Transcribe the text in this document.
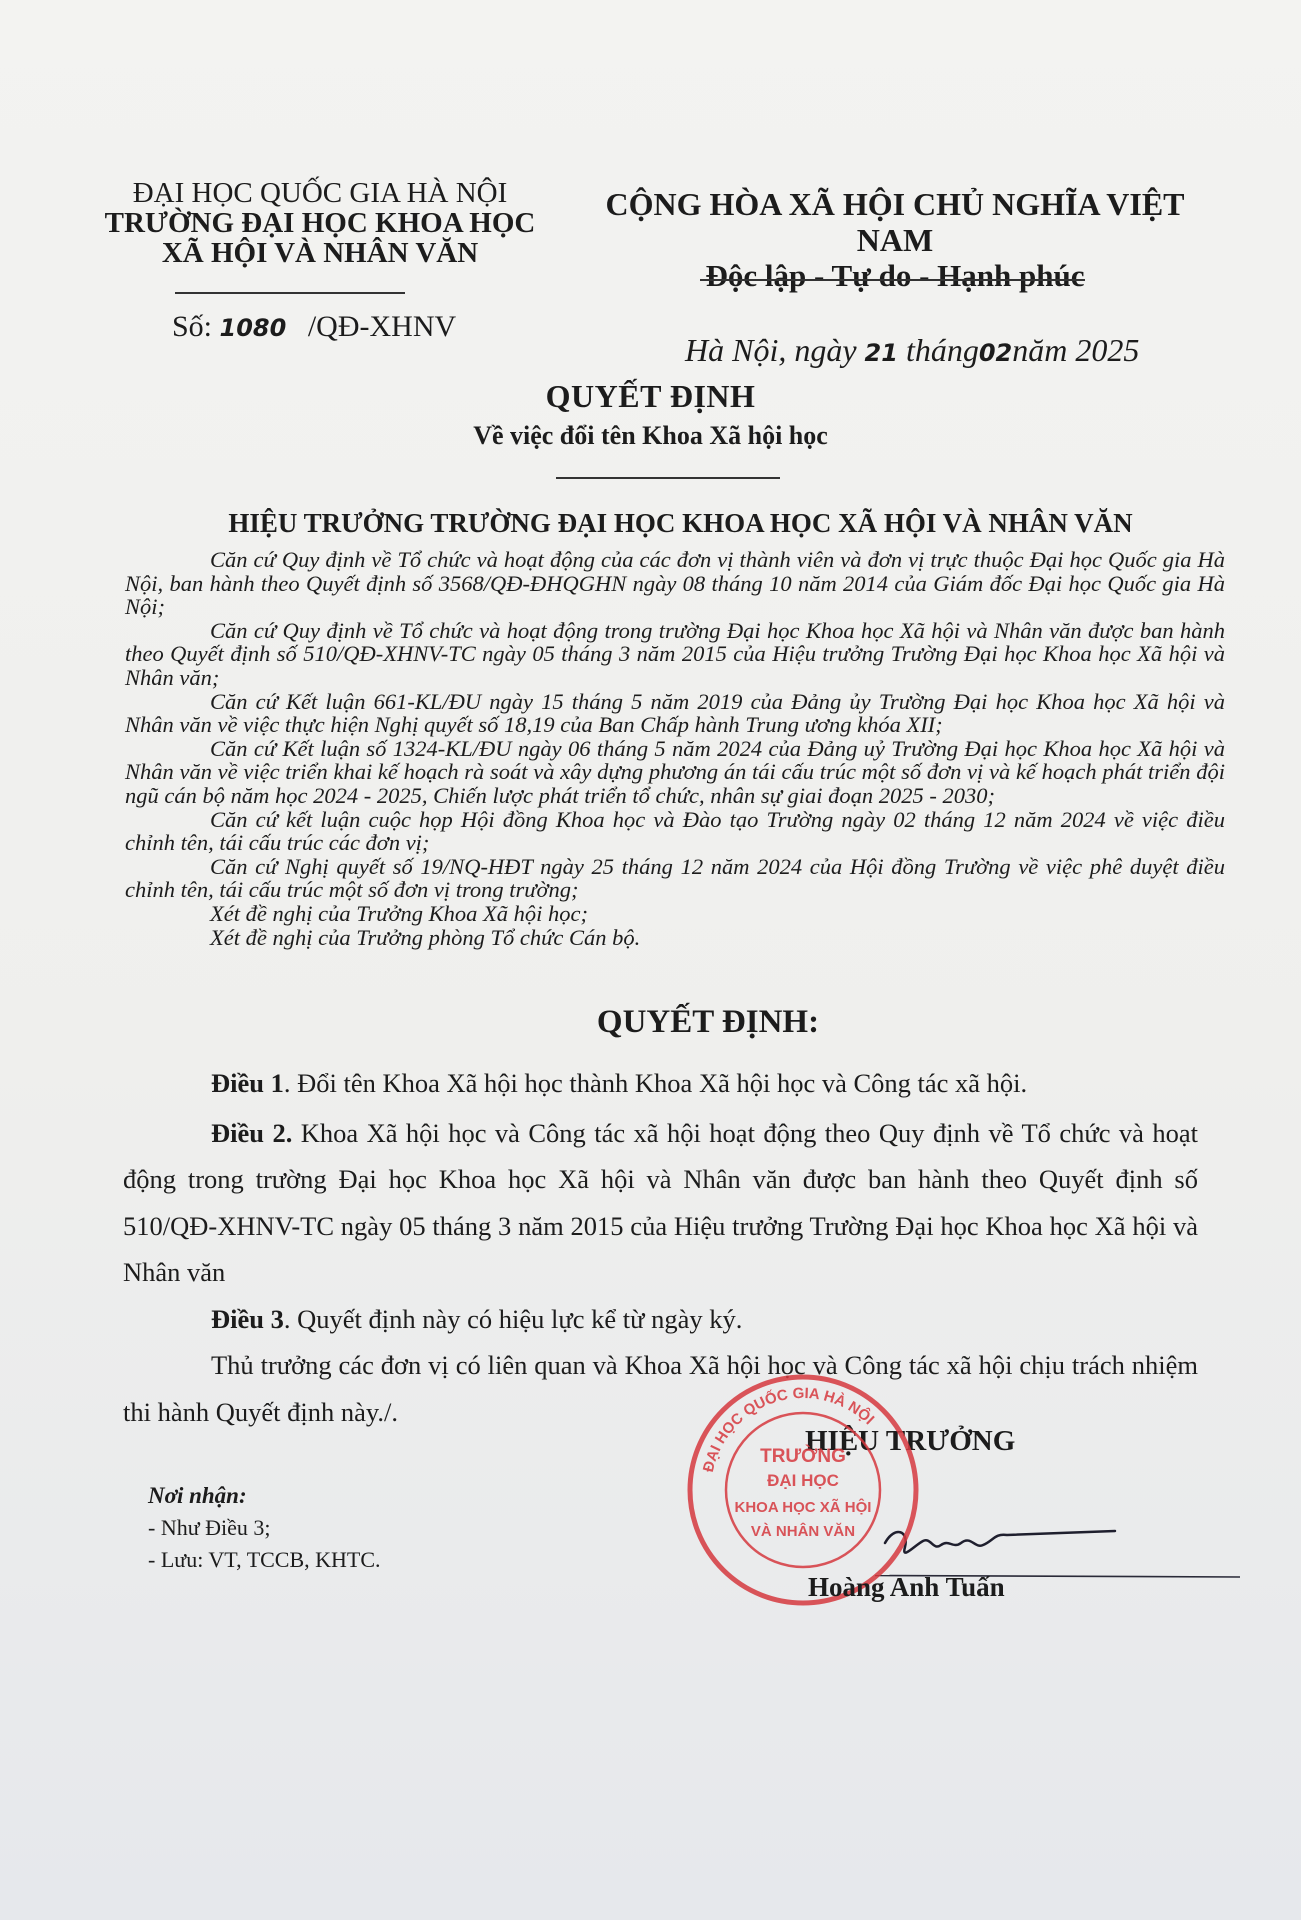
ĐẠI HỌC QUỐC GIA HÀ NỘI
TRƯỜNG ĐẠI HỌC KHOA HỌC
XÃ HỘI VÀ NHÂN VĂN
CỘNG HÒA XÃ HỘI CHỦ NGHĨA VIỆT NAM
Độc lập - Tự do - Hạnh phúc
Số: 1080 /QĐ-XHNV
Hà Nội, ngày 21 tháng02năm 2025
QUYẾT ĐỊNH
Về việc đổi tên Khoa Xã hội học
HIỆU TRƯỞNG TRƯỜNG ĐẠI HỌC KHOA HỌC XÃ HỘI VÀ NHÂN VĂN

Căn cứ Quy định về Tổ chức và hoạt động của các đơn vị thành viên và đơn vị trực thuộc Đại học Quốc gia Hà Nội, ban hành theo Quyết định số 3568/QĐ-ĐHQGHN ngày 08 tháng 10 năm 2014 của Giám đốc Đại học Quốc gia Hà Nội;

Căn cứ Quy định về Tổ chức và hoạt động trong trường Đại học Khoa học Xã hội và Nhân văn được ban hành theo Quyết định số 510/QĐ-XHNV-TC ngày 05 tháng 3 năm 2015 của Hiệu trưởng Trường Đại học Khoa học Xã hội và Nhân văn;

Căn cứ Kết luận 661-KL/ĐU ngày 15 tháng 5 năm 2019 của Đảng ủy Trường Đại học Khoa học Xã hội và Nhân văn về việc thực hiện Nghị quyết số 18,19 của Ban Chấp hành Trung ương khóa XII;

Căn cứ Kết luận số 1324-KL/ĐU ngày 06 tháng 5 năm 2024 của Đảng uỷ Trường Đại học Khoa học Xã hội và Nhân văn về việc triển khai kế hoạch rà soát và xây dựng phương án tái cấu trúc một số đơn vị và kế hoạch phát triển đội ngũ cán bộ năm học 2024 - 2025, Chiến lược phát triển tổ chức, nhân sự giai đoạn 2025 - 2030;

Căn cứ kết luận cuộc họp Hội đồng Khoa học và Đào tạo Trường ngày 02 tháng 12 năm 2024 về việc điều chỉnh tên, tái cấu trúc các đơn vị;

Căn cứ Nghị quyết số 19/NQ-HĐT ngày 25 tháng 12 năm 2024 của Hội đồng Trường về việc phê duyệt điều chỉnh tên, tái cấu trúc một số đơn vị trong trường;

Xét đề nghị của Trưởng Khoa Xã hội học;

Xét đề nghị của Trưởng phòng Tổ chức Cán bộ.

QUYẾT ĐỊNH:

Điều 1. Đổi tên Khoa Xã hội học thành Khoa Xã hội học và Công tác xã hội.

Điều 2. Khoa Xã hội học và Công tác xã hội hoạt động theo Quy định về Tổ chức và hoạt động trong trường Đại học Khoa học Xã hội và Nhân văn được ban hành theo Quyết định số 510/QĐ-XHNV-TC ngày 05 tháng 3 năm 2015 của Hiệu trưởng Trường Đại học Khoa học Xã hội và Nhân văn

Điều 3. Quyết định này có hiệu lực kể từ ngày ký.

Thủ trưởng các đơn vị có liên quan và Khoa Xã hội học và Công tác xã hội chịu trách nhiệm thi hành Quyết định này./.

Nơi nhận:
- Như Điều 3;
- Lưu: VT, TCCB, KHTC.
HIỆU TRƯỞNG
ĐẠI HỌC QUỐC GIA HÀ NỘI
TRƯỜNG
ĐẠI HỌC
KHOA HỌC XÃ HỘI
VÀ NHÂN VĂN
Hoàng Anh Tuấn
